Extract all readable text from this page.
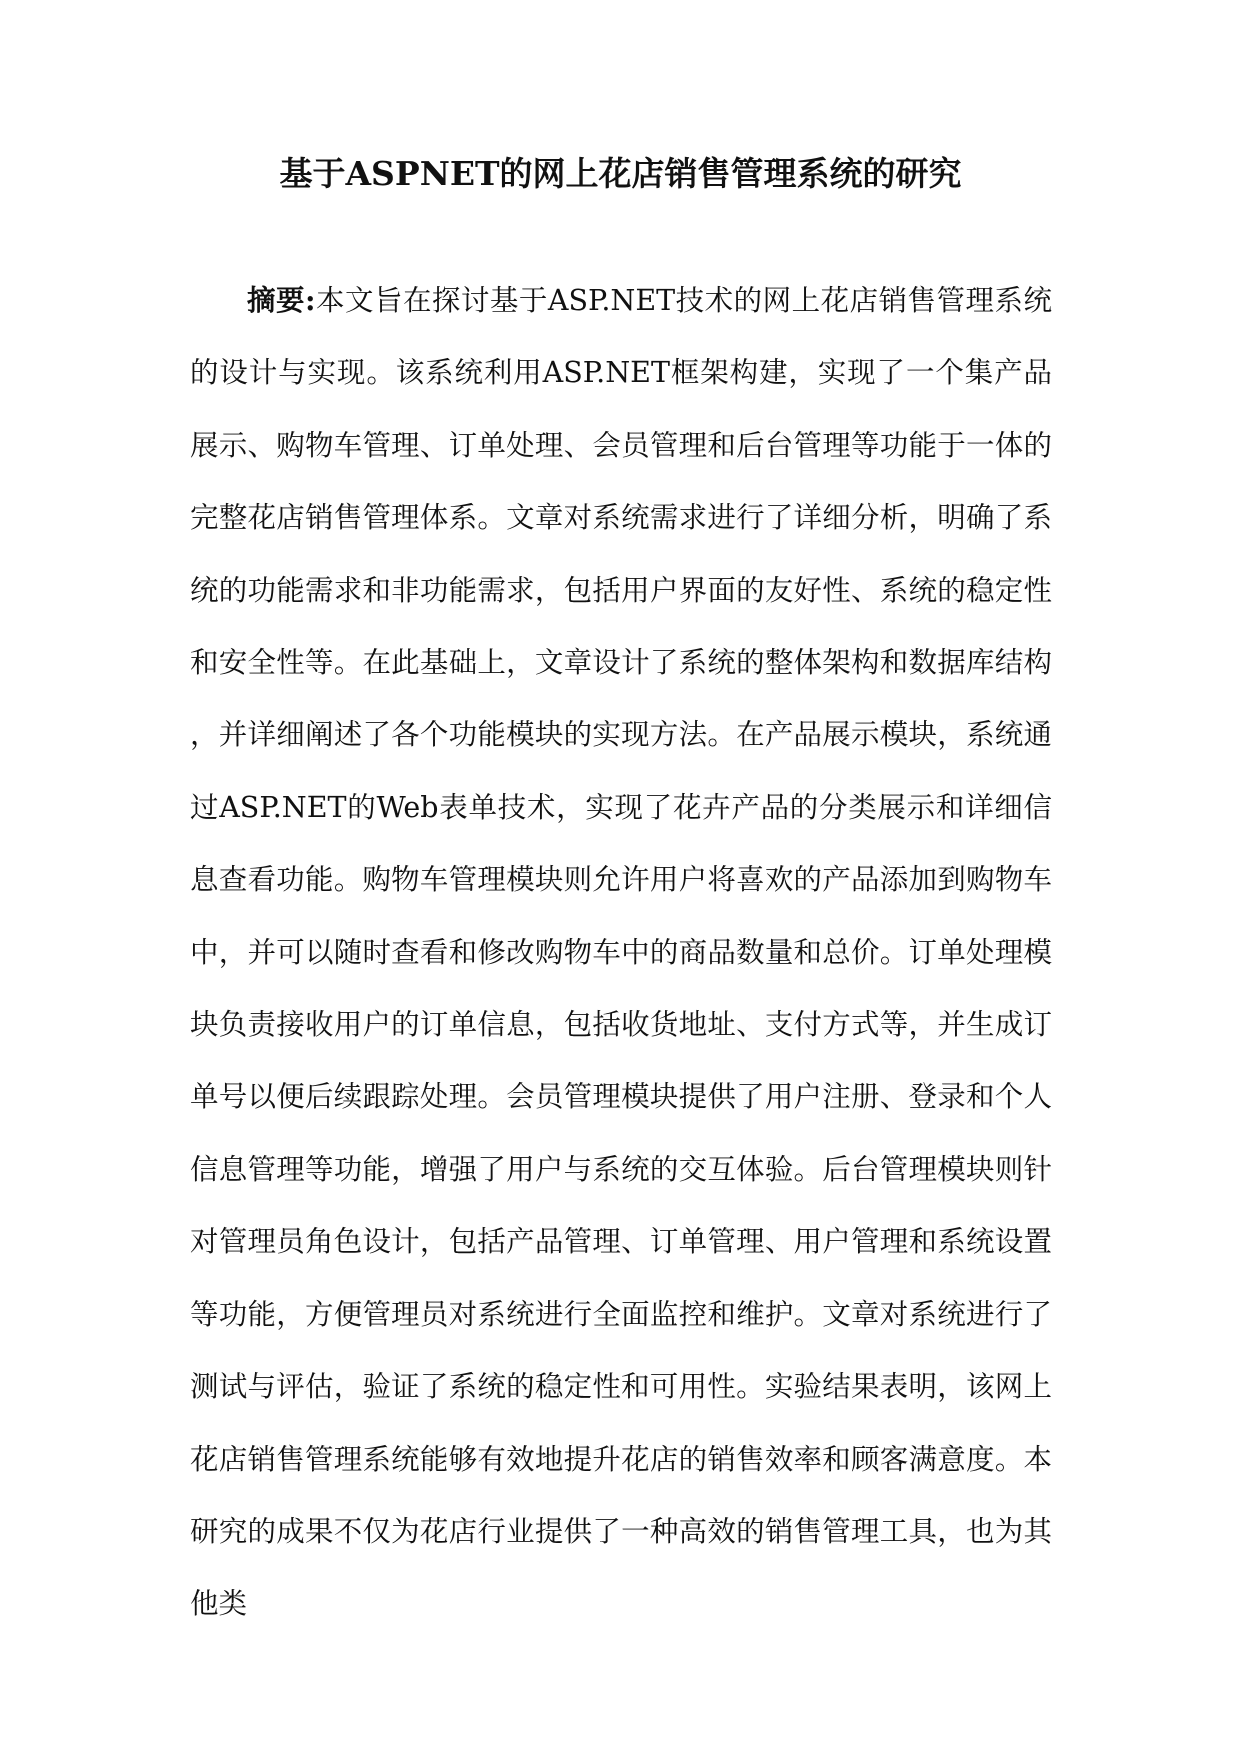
基于ASPNET的网上花店销售管理系统的研究

摘要:本文旨在探讨基于ASP.NET技术的网上花店销售管理系统的设计与实现。该系统利用ASP.NET框架构建，实现了一个集产品展示、购物车管理、订单处理、会员管理和后台管理等功能于一体的完整花店销售管理体系。文章对系统需求进行了详细分析，明确了系统的功能需求和非功能需求，包括用户界面的友好性、系统的稳定性和安全性等。在此基础上，文章设计了系统的整体架构和数据库结构，并详细阐述了各个功能模块的实现方法。在产品展示模块，系统通过ASP.NET的Web表单技术，实现了花卉产品的分类展示和详细信息查看功能。购物车管理模块则允许用户将喜欢的产品添加到购物车中，并可以随时查看和修改购物车中的商品数量和总价。订单处理模块负责接收用户的订单信息，包括收货地址、支付方式等，并生成订单号以便后续跟踪处理。会员管理模块提供了用户注册、登录和个人信息管理等功能，增强了用户与系统的交互体验。后台管理模块则针对管理员角色设计，包括产品管理、订单管理、用户管理和系统设置等功能，方便管理员对系统进行全面监控和维护。文章对系统进行了测试与评估，验证了系统的稳定性和可用性。实验结果表明，该网上花店销售管理系统能够有效地提升花店的销售效率和顾客满意度。本研究的成果不仅为花店行业提供了一种高效的销售管理工具，也为其他类
